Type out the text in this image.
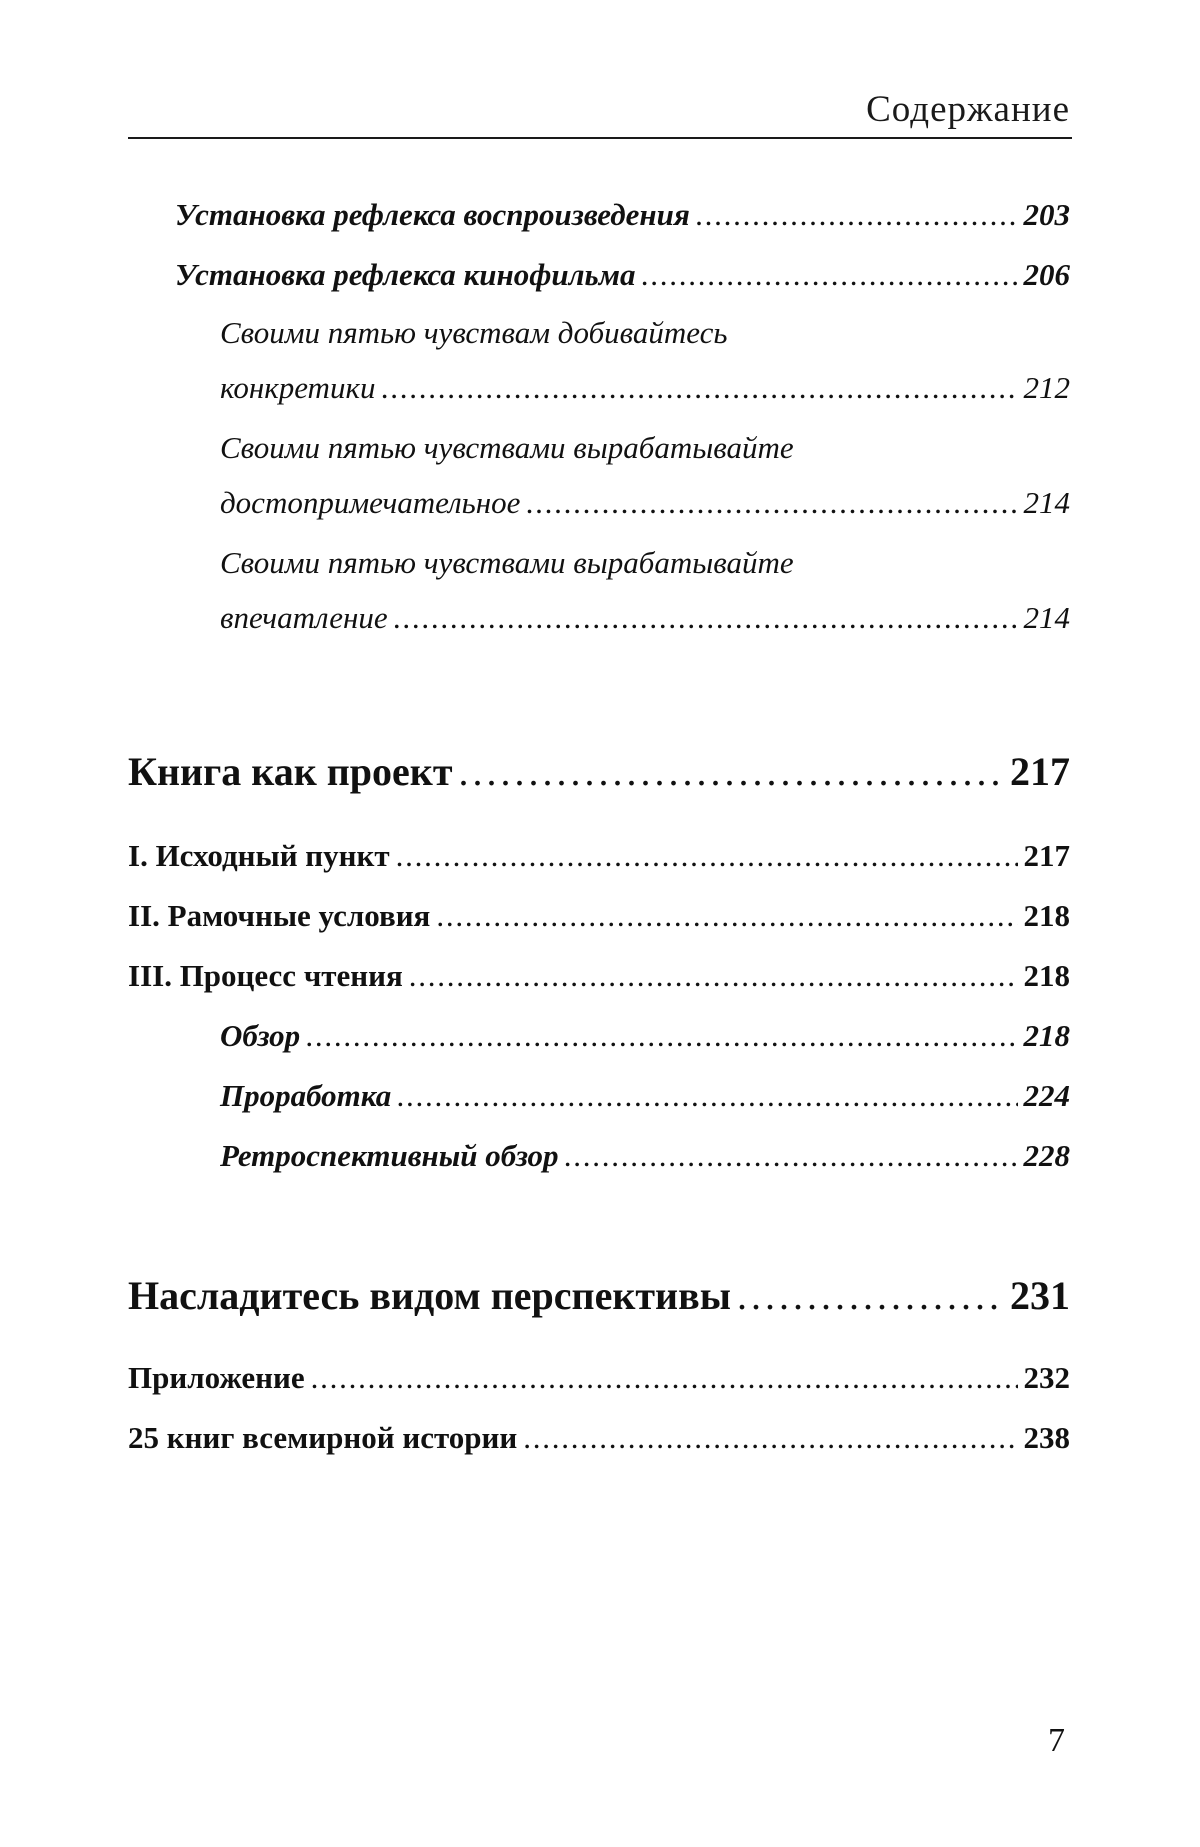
Содержание
Установка рефлекса воспроизведения . . .	203
Установка рефлекса кинофильма . . .	206
Своими пятью чувствам добивайтесь
конкретики . . .	212
Своими пятью чувствами вырабатывайте
достопримечательное . . .	214
Своими пятью чувствами вырабатывайте
впечатление . . .	214
Книга как проект . . .	217
I. Исходный пункт . . .	217
II. Рамочные условия . . .	218
III. Процесс чтения . . .	218
Обзор . . .	218
Проработка . . .	224
Ретроспективный обзор . . .	228
Насладитесь видом перспективы . . .	231
Приложение . . .	232
25 книг всемирной истории . . .	238
7
